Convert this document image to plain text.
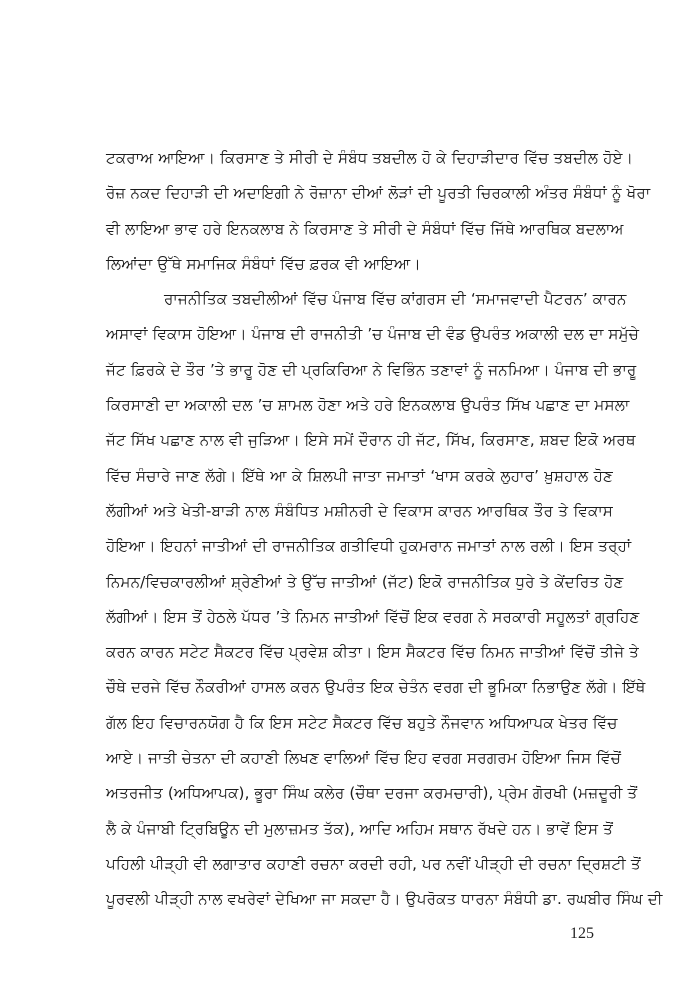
ਟਕਰਾਅ ਆਇਆ। ਕਿਰਸਾਣ ਤੇ ਸੀਰੀ ਦੇ ਸੰਬੰਧ ਤਬਦੀਲ ਹੋ ਕੇ ਦਿਹਾੜੀਦਾਰ ਵਿੱਚ ਤਬਦੀਲ ਹੋਏ।
ਰੋਜ਼ ਨਕਦ ਦਿਹਾੜੀ ਦੀ ਅਦਾਇਗੀ ਨੇ ਰੋਜ਼ਾਨਾ ਦੀਆਂ ਲੋੜਾਂ ਦੀ ਪੂਰਤੀ ਚਿਰਕਾਲੀ ਅੰਤਰ ਸੰਬੰਧਾਂ ਨੂੰ ਖੋਰਾ
ਵੀ ਲਾਇਆ ਭਾਵ ਹਰੇ ਇਨਕਲਾਬ ਨੇ ਕਿਰਸਾਣ ਤੇ ਸੀਰੀ ਦੇ ਸੰਬੰਧਾਂ ਵਿੱਚ ਜਿੱਥੇ ਆਰਥਿਕ ਬਦਲਾਅ
ਲਿਆਂਦਾ ਉੱਥੇ ਸਮਾਜਿਕ ਸੰਬੰਧਾਂ ਵਿੱਚ ਫ਼ਰਕ ਵੀ ਆਇਆ।
ਰਾਜਨੀਤਿਕ ਤਬਦੀਲੀਆਂ ਵਿੱਚ ਪੰਜਾਬ ਵਿੱਚ ਕਾਂਗਰਸ ਦੀ ‘ਸਮਾਜਵਾਦੀ ਪੈਟਰਨ’ ਕਾਰਨ
ਅਸਾਵਾਂ ਵਿਕਾਸ ਹੋਇਆ। ਪੰਜਾਬ ਦੀ ਰਾਜਨੀਤੀ ’ਚ ਪੰਜਾਬ ਦੀ ਵੰਡ ਉਪਰੰਤ ਅਕਾਲੀ ਦਲ ਦਾ ਸਮੁੱਚੇ
ਜੱਟ ਫ਼ਿਰਕੇ ਦੇ ਤੌਰ ’ਤੇ ਭਾਰੂ ਹੋਣ ਦੀ ਪ੍ਰਕਿਰਿਆ ਨੇ ਵਿਭਿੰਨ ਤਣਾਵਾਂ ਨੂੰ ਜਨਮਿਆ। ਪੰਜਾਬ ਦੀ ਭਾਰੂ
ਕਿਰਸਾਣੀ ਦਾ ਅਕਾਲੀ ਦਲ ’ਚ ਸ਼ਾਮਲ ਹੋਣਾ ਅਤੇ ਹਰੇ ਇਨਕਲਾਬ ਉਪਰੰਤ ਸਿੱਖ ਪਛਾਣ ਦਾ ਮਸਲਾ
ਜੱਟ ਸਿੱਖ ਪਛਾਣ ਨਾਲ ਵੀ ਜੁੜਿਆ। ਇਸੇ ਸਮੇਂ ਦੌਰਾਨ ਹੀ ਜੱਟ, ਸਿੱਖ, ਕਿਰਸਾਣ, ਸ਼ਬਦ ਇਕੋ ਅਰਥ
ਵਿੱਚ ਸੰਚਾਰੇ ਜਾਣ ਲੱਗੇ। ਇੱਥੇ ਆ ਕੇ ਸ਼ਿਲਪੀ ਜਾਤਾ ਜਮਾਤਾਂ ‘ਖਾਸ ਕਰਕੇ ਲੁਹਾਰ’ ਖ਼ੁਸ਼ਹਾਲ ਹੋਣ
ਲੱਗੀਆਂ ਅਤੇ ਖੇਤੀ-ਬਾੜੀ ਨਾਲ ਸੰਬੰਧਿਤ ਮਸ਼ੀਨਰੀ ਦੇ ਵਿਕਾਸ ਕਾਰਨ ਆਰਥਿਕ ਤੌਰ ਤੇ ਵਿਕਾਸ
ਹੋਇਆ। ਇਹਨਾਂ ਜਾਤੀਆਂ ਦੀ ਰਾਜਨੀਤਿਕ ਗਤੀਵਿਧੀ ਹੁਕਮਰਾਨ ਜਮਾਤਾਂ ਨਾਲ ਰਲੀ। ਇਸ ਤਰ੍ਹਾਂ
ਨਿਮਨ/ਵਿਚਕਾਰਲੀਆਂ ਸ਼੍ਰੇਣੀਆਂ ਤੇ ਉੱਚ ਜਾਤੀਆਂ (ਜੱਟ) ਇਕੋ ਰਾਜਨੀਤਿਕ ਧੁਰੇ ਤੇ ਕੇਂਦਰਿਤ ਹੋਣ
ਲੱਗੀਆਂ। ਇਸ ਤੋਂ ਹੇਠਲੇ ਪੱਧਰ ’ਤੇ ਨਿਮਨ ਜਾਤੀਆਂ ਵਿੱਚੋਂ ਇਕ ਵਰਗ ਨੇ ਸਰਕਾਰੀ ਸਹੂਲਤਾਂ ਗ੍ਰਹਿਣ
ਕਰਨ ਕਾਰਨ ਸਟੇਟ ਸੈਕਟਰ ਵਿੱਚ ਪ੍ਰਵੇਸ਼ ਕੀਤਾ। ਇਸ ਸੈਕਟਰ ਵਿੱਚ ਨਿਮਨ ਜਾਤੀਆਂ ਵਿੱਚੋਂ ਤੀਜੇ ਤੇ
ਚੌਥੇ ਦਰਜੇ ਵਿੱਚ ਨੌਕਰੀਆਂ ਹਾਸਲ ਕਰਨ ਉਪਰੰਤ ਇਕ ਚੇਤੰਨ ਵਰਗ ਦੀ ਭੂਮਿਕਾ ਨਿਭਾਉਣ ਲੱਗੇ। ਇੱਥੇ
ਗੱਲ ਇਹ ਵਿਚਾਰਨਯੋਗ ਹੈ ਕਿ ਇਸ ਸਟੇਟ ਸੈਕਟਰ ਵਿੱਚ ਬਹੁਤੇ ਨੌਜਵਾਨ ਅਧਿਆਪਕ ਖੇਤਰ ਵਿੱਚ
ਆਏ। ਜਾਤੀ ਚੇਤਨਾ ਦੀ ਕਹਾਣੀ ਲਿਖਣ ਵਾਲਿਆਂ ਵਿੱਚ ਇਹ ਵਰਗ ਸਰਗਰਮ ਹੋਇਆ ਜਿਸ ਵਿੱਚੋਂ
ਅਤਰਜੀਤ (ਅਧਿਆਪਕ), ਭੂਰਾ ਸਿੰਘ ਕਲੇਰ (ਚੌਥਾ ਦਰਜਾ ਕਰਮਚਾਰੀ), ਪ੍ਰੇਮ ਗੋਰਖੀ (ਮਜ਼ਦੂਰੀ ਤੋਂ
ਲੈ ਕੇ ਪੰਜਾਬੀ ਟ੍ਰਿਬਿਊਨ ਦੀ ਮੁਲਾਜ਼ਮਤ ਤੱਕ), ਆਦਿ ਅਹਿਮ ਸਥਾਨ ਰੱਖਦੇ ਹਨ। ਭਾਵੇਂ ਇਸ ਤੋਂ
ਪਹਿਲੀ ਪੀੜ੍ਹੀ ਵੀ ਲਗਾਤਾਰ ਕਹਾਣੀ ਰਚਨਾ ਕਰਦੀ ਰਹੀ, ਪਰ ਨਵੀਂ ਪੀੜ੍ਹੀ ਦੀ ਰਚਨਾ ਦ੍ਰਿਸ਼ਟੀ ਤੋਂ
ਪੂਰਵਲੀ ਪੀੜ੍ਹੀ ਨਾਲ ਵਖਰੇਵਾਂ ਦੇਖਿਆ ਜਾ ਸਕਦਾ ਹੈ। ਉਪਰੋਕਤ ਧਾਰਨਾ ਸੰਬੰਧੀ ਡਾ. ਰਘਬੀਰ ਸਿੰਘ ਦੀ
125
